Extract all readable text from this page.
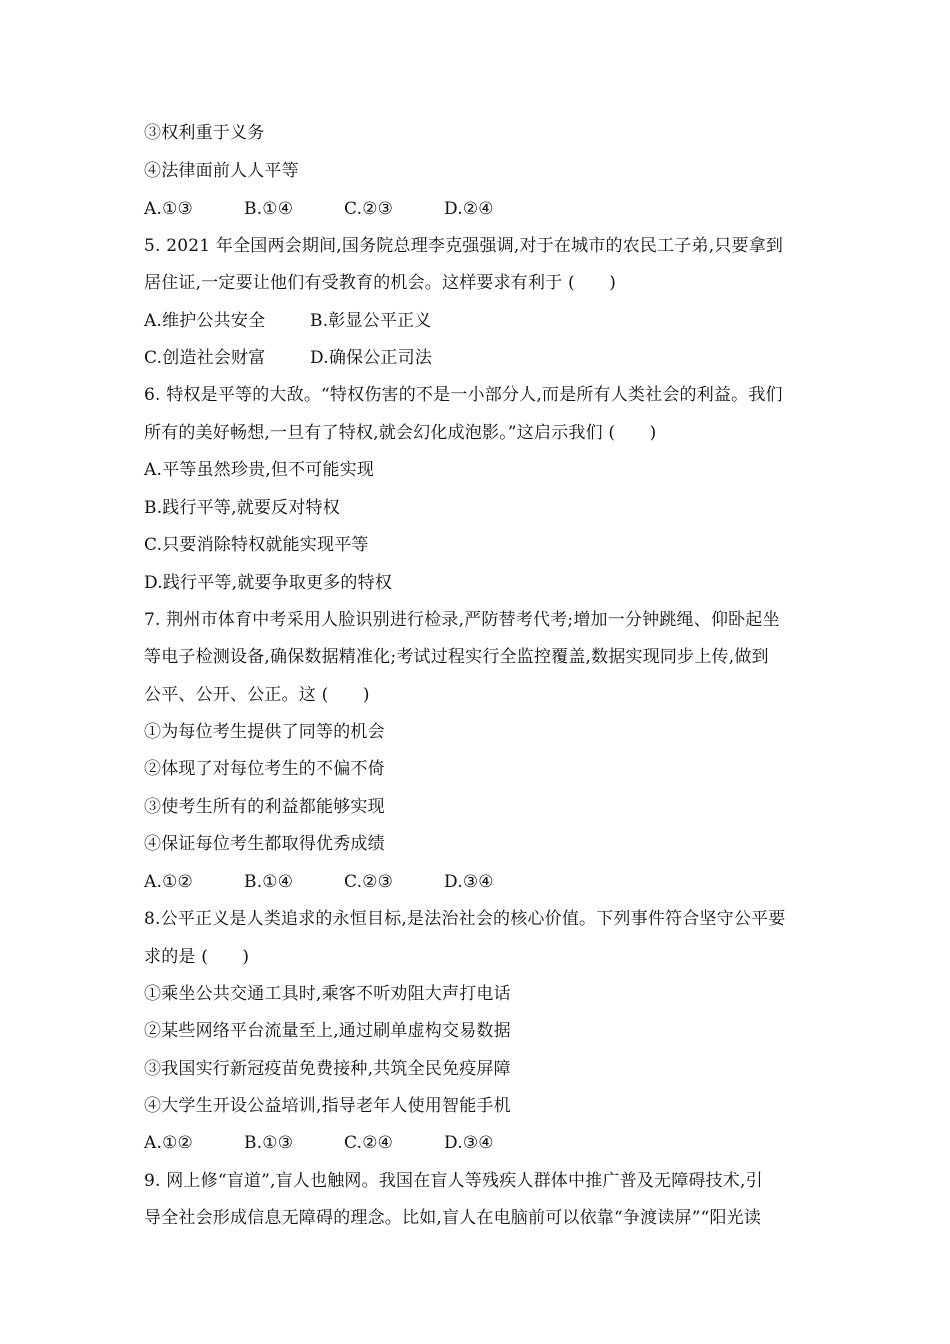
③权利重于义务
④法律面前人人平等
A.①③	B.①④	C.②③	D.②④
5. 2021 年全国两会期间,国务院总理李克强强调,对于在城市的农民工子弟,只要拿到
居住证,一定要让他们有受教育的机会。这样要求有利于 (　　)
A.维护公共安全	B.彰显公平正义
C.创造社会财富	D.确保公正司法
6. 特权是平等的大敌。“特权伤害的不是一小部分人,而是所有人类社会的利益。我们
所有的美好畅想,一旦有了特权,就会幻化成泡影。”这启示我们 (　　)
A.平等虽然珍贵,但不可能实现
B.践行平等,就要反对特权
C.只要消除特权就能实现平等
D.践行平等,就要争取更多的特权
7. 荆州市体育中考采用人脸识别进行检录,严防替考代考;增加一分钟跳绳、仰卧起坐
等电子检测设备,确保数据精准化;考试过程实行全监控覆盖,数据实现同步上传,做到
公平、公开、公正。这 (　　)
①为每位考生提供了同等的机会
②体现了对每位考生的不偏不倚
③使考生所有的利益都能够实现
④保证每位考生都取得优秀成绩
A.①②	B.①④	C.②③	D.③④
8.公平正义是人类追求的永恒目标,是法治社会的核心价值。下列事件符合坚守公平要
求的是 (　　)
①乘坐公共交通工具时,乘客不听劝阻大声打电话
②某些网络平台流量至上,通过刷单虚构交易数据
③我国实行新冠疫苗免费接种,共筑全民免疫屏障
④大学生开设公益培训,指导老年人使用智能手机
A.①②	B.①③	C.②④	D.③④
9. 网上修“盲道”,盲人也触网。我国在盲人等残疾人群体中推广普及无障碍技术,引
导全社会形成信息无障碍的理念。比如,盲人在电脑前可以依靠“争渡读屏”“阳光读
